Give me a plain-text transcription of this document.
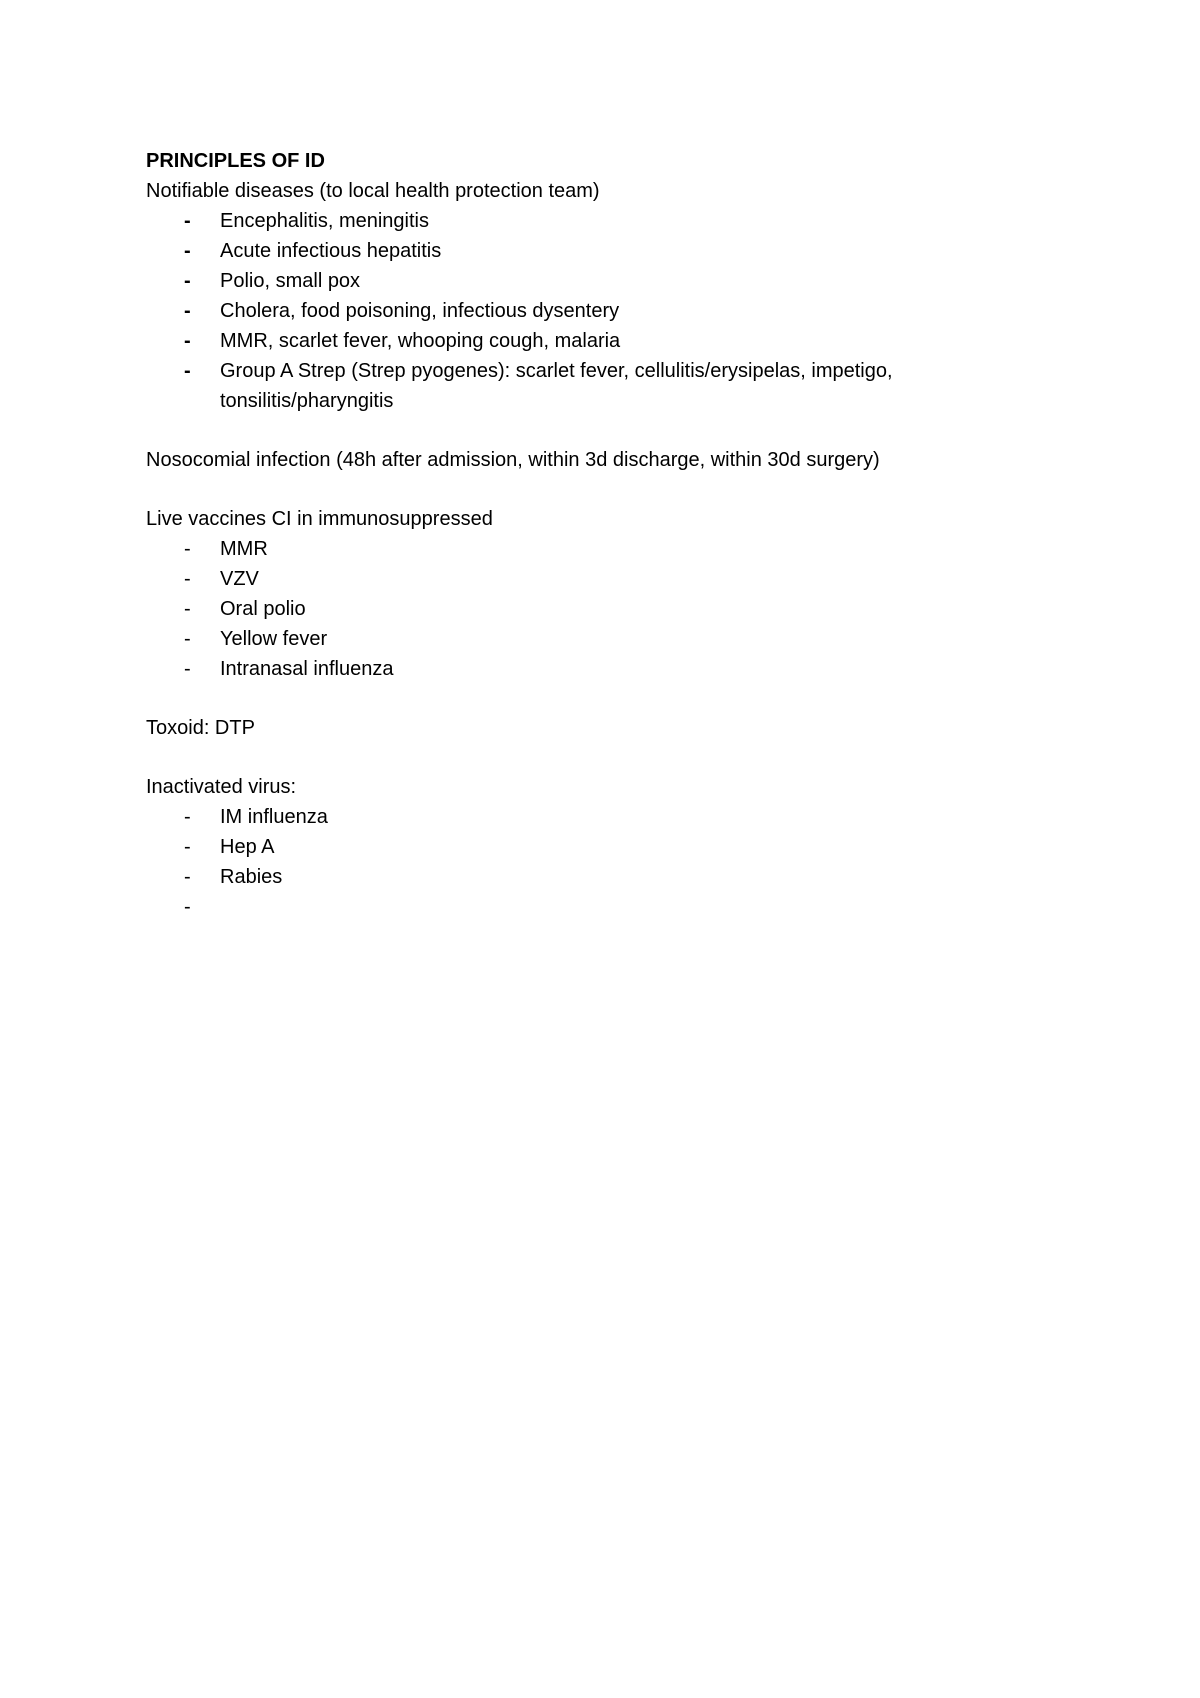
PRINCIPLES OF ID

Notifiable diseases (to local health protection team)

- Encephalitis, meningitis
- Acute infectious hepatitis
- Polio, small pox
- Cholera, food poisoning, infectious dysentery
- MMR, scarlet fever, whooping cough, malaria
- Group A Strep (Strep pyogenes): scarlet fever, cellulitis/erysipelas, impetigo, tonsilitis/pharyngitis

Nosocomial infection (48h after admission, within 3d discharge, within 30d surgery)

Live vaccines CI in immunosuppressed

- MMR
- VZV
- Oral polio
- Yellow fever
- Intranasal influenza

Toxoid: DTP

Inactivated virus:

- IM influenza
- Hep A
- Rabies
-
